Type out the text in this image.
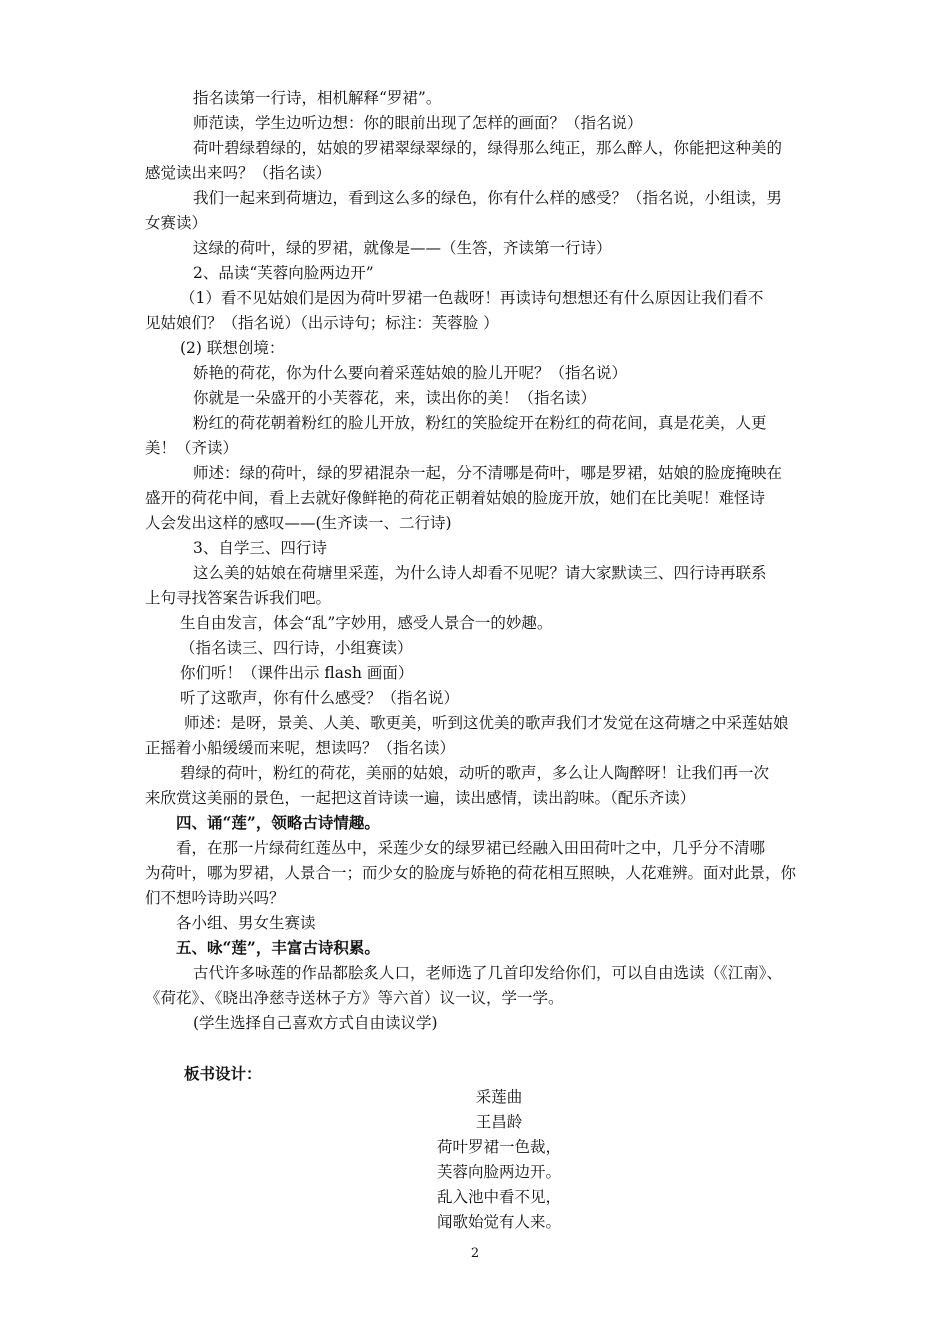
指名读第一行诗，相机解释“罗裙”。
师范读，学生边听边想：你的眼前出现了怎样的画面？（指名说）
荷叶碧绿碧绿的，姑娘的罗裙翠绿翠绿的，绿得那么纯正，那么醉人，你能把这种美的
感觉读出来吗？（指名读）
我们一起来到荷塘边，看到这么多的绿色，你有什么样的感受？（指名说，小组读，男
女赛读）
这绿的荷叶，绿的罗裙，就像是——（生答，齐读第一行诗）
2、品读“芙蓉向脸两边开”
（1）看不见姑娘们是因为荷叶罗裙一色裁呀！再读诗句想想还有什么原因让我们看不
见姑娘们？（指名说）（出示诗句；标注：芙蓉脸 ）
(2) 联想创境：
娇艳的荷花，你为什么要向着采莲姑娘的脸儿开呢？（指名说）
你就是一朵盛开的小芙蓉花，来，读出你的美！（指名读）
粉红的荷花朝着粉红的脸儿开放，粉红的笑脸绽开在粉红的荷花间，真是花美，人更
美！（齐读）
师述：绿的荷叶，绿的罗裙混杂一起，分不清哪是荷叶，哪是罗裙，姑娘的脸庞掩映在
盛开的荷花中间，看上去就好像鲜艳的荷花正朝着姑娘的脸庞开放，她们在比美呢！难怪诗
人会发出这样的感叹——(生齐读一、二行诗)
3、自学三、四行诗
这么美的姑娘在荷塘里采莲，为什么诗人却看不见呢？请大家默读三、四行诗再联系
上句寻找答案告诉我们吧。
生自由发言，体会“乱”字妙用，感受人景合一的妙趣。
（指名读三、四行诗，小组赛读）
你们听！（课件出示 flash 画面）
听了这歌声，你有什么感受？（指名说）
师述：是呀，景美、人美、歌更美，听到这优美的歌声我们才发觉在这荷塘之中采莲姑娘
正摇着小船缓缓而来呢，想读吗？（指名读）
碧绿的荷叶，粉红的荷花，美丽的姑娘，动听的歌声，多么让人陶醉呀！让我们再一次
来欣赏这美丽的景色，一起把这首诗读一遍，读出感情，读出韵味。（配乐齐读）
四、诵“莲”，领略古诗情趣。
看，在那一片绿荷红莲丛中，采莲少女的绿罗裙已经融入田田荷叶之中，几乎分不清哪
为荷叶，哪为罗裙，人景合一；而少女的脸庞与娇艳的荷花相互照映，人花难辨。面对此景，你
们不想吟诗助兴吗？
各小组、男女生赛读
五、咏“莲”，丰富古诗积累。
古代许多咏莲的作品都脍炙人口，老师选了几首印发给你们，可以自由选读（《江南》、
《荷花》、《晓出净慈寺送林子方》等六首）议一议，学一学。
(学生选择自己喜欢方式自由读议学)
板书设计：
采莲曲
王昌龄
荷叶罗裙一色裁，
芙蓉向脸两边开。
乱入池中看不见，
闻歌始觉有人来。
2
